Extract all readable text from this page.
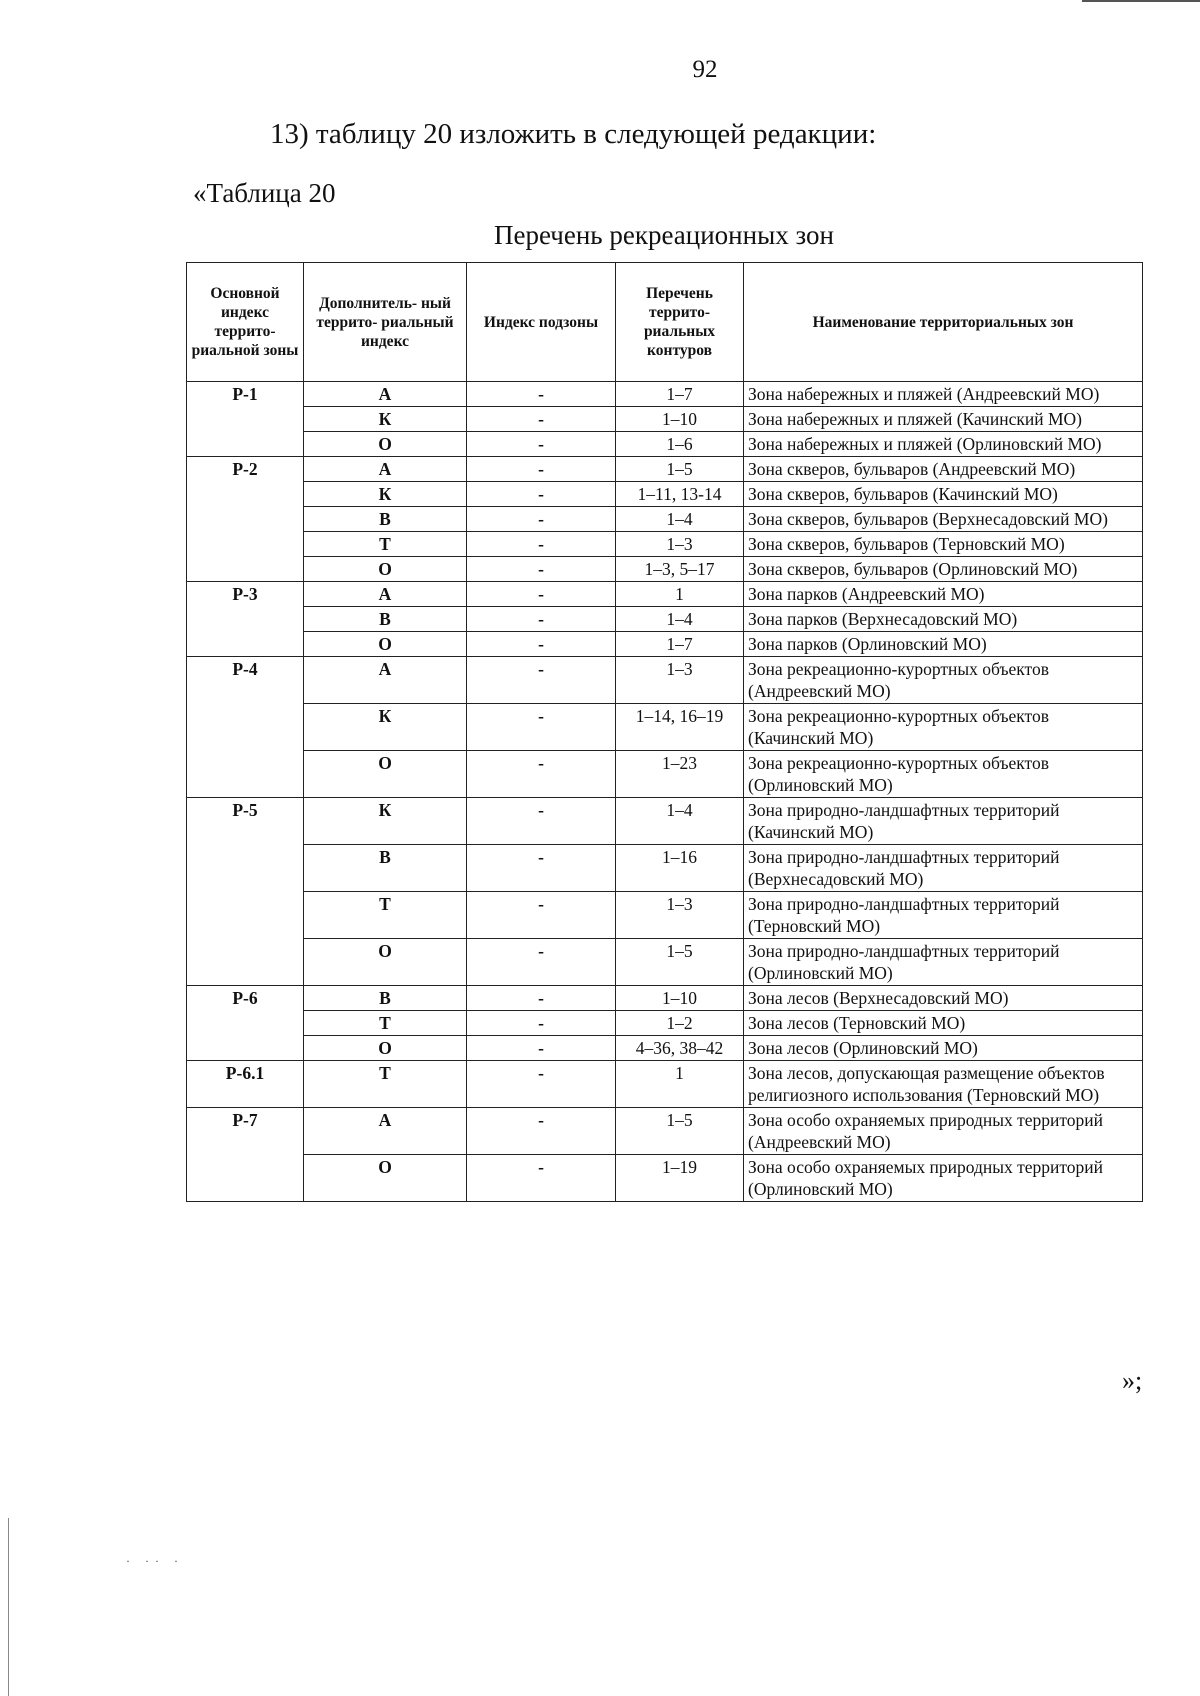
92
13) таблицу 20 изложить в следующей редакции:
«Таблица 20
Перечень рекреационных зон
Основной индекс террито- риальной зоны	Дополнитель- ный террито- риальный индекс	Индекс подзоны	Перечень террито- риальных контуров	Наименование территориальных зон
Р-1	А	-	1–7	Зона набережных и пляжей (Андреевский МО)
	К	-	1–10	Зона набережных и пляжей (Качинский МО)
	О	-	1–6	Зона набережных и пляжей (Орлиновский МО)
Р-2	А	-	1–5	Зона скверов, бульваров (Андреевский МО)
	К	-	1–11, 13-14	Зона скверов, бульваров (Качинский МО)
	В	-	1–4	Зона скверов, бульваров (Верхнесадовский МО)
	Т	-	1–3	Зона скверов, бульваров (Терновский МО)
	О	-	1–3, 5–17	Зона скверов, бульваров (Орлиновский МО)
Р-3	А	-	1	Зона парков (Андреевский МО)
	В	-	1–4	Зона парков (Верхнесадовский МО)
	О	-	1–7	Зона парков (Орлиновский МО)
Р-4	А	-	1–3	Зона рекреационно-курортных объектов (Андреевский МО)
	К	-	1–14, 16–19	Зона рекреационно-курортных объектов (Качинский МО)
	О	-	1–23	Зона рекреационно-курортных объектов (Орлиновский МО)
Р-5	К	-	1–4	Зона природно-ландшафтных территорий (Качинский МО)
	В	-	1–16	Зона природно-ландшафтных территорий (Верхнесадовский МО)
	Т	-	1–3	Зона природно-ландшафтных территорий (Терновский МО)
	О	-	1–5	Зона природно-ландшафтных территорий (Орлиновский МО)
Р-6	В	-	1–10	Зона лесов (Верхнесадовский МО)
	Т	-	1–2	Зона лесов (Терновский МО)
	О	-	4–36, 38–42	Зона лесов (Орлиновский МО)
Р-6.1	Т	-	1	Зона лесов, допускающая размещение объектов религиозного использования (Терновский МО)
Р-7	А	-	1–5	Зона особо охраняемых природных территорий (Андреевский МО)
	О	-	1–19	Зона особо охраняемых природных территорий (Орлиновский МО)
»;
· ·· ·
